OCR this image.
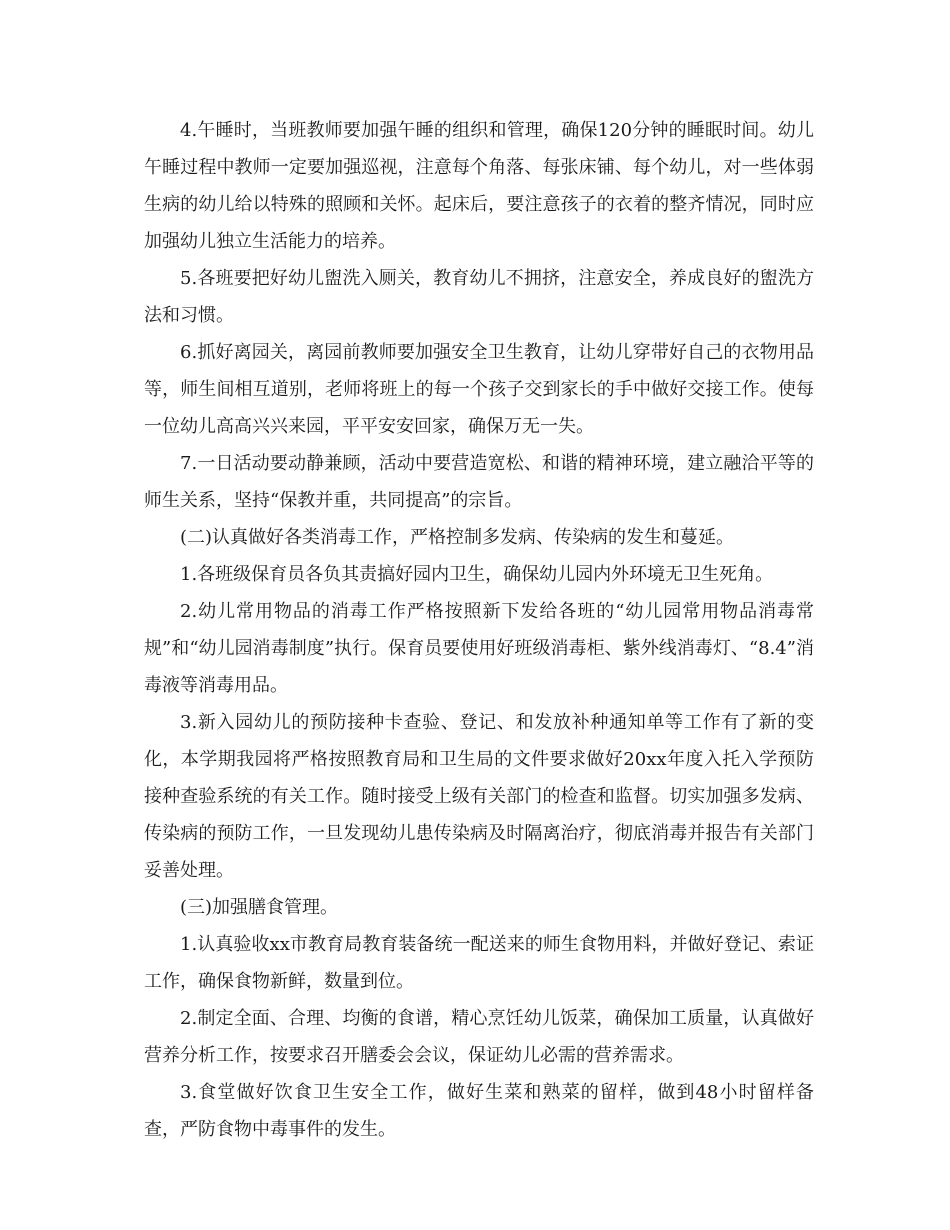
4.午睡时，当班教师要加强午睡的组织和管理，确保120分钟的睡眠时间。幼儿午睡过程中教师一定要加强巡视，注意每个角落、每张床铺、每个幼儿，对一些体弱生病的幼儿给以特殊的照顾和关怀。起床后，要注意孩子的衣着的整齐情况，同时应加强幼儿独立生活能力的培养。

5.各班要把好幼儿盥洗入厕关，教育幼儿不拥挤，注意安全，养成良好的盥洗方法和习惯。

6.抓好离园关，离园前教师要加强安全卫生教育，让幼儿穿带好自己的衣物用品等，师生间相互道别，老师将班上的每一个孩子交到家长的手中做好交接工作。使每一位幼儿高高兴兴来园，平平安安回家，确保万无一失。

7.一日活动要动静兼顾，活动中要营造宽松、和谐的精神环境，建立融洽平等的师生关系，坚持“保教并重，共同提高”的宗旨。

(二)认真做好各类消毒工作，严格控制多发病、传染病的发生和蔓延。

1.各班级保育员各负其责搞好园内卫生，确保幼儿园内外环境无卫生死角。

2.幼儿常用物品的消毒工作严格按照新下发给各班的“幼儿园常用物品消毒常规”和“幼儿园消毒制度”执行。保育员要使用好班级消毒柜、紫外线消毒灯、“8.4”消毒液等消毒用品。

3.新入园幼儿的预防接种卡查验、登记、和发放补种通知单等工作有了新的变化，本学期我园将严格按照教育局和卫生局的文件要求做好20xx年度入托入学预防接种查验系统的有关工作。随时接受上级有关部门的检查和监督。切实加强多发病、传染病的预防工作，一旦发现幼儿患传染病及时隔离治疗，彻底消毒并报告有关部门妥善处理。

(三)加强膳食管理。

1.认真验收xx市教育局教育装备统一配送来的师生食物用料，并做好登记、索证工作，确保食物新鲜，数量到位。

2.制定全面、合理、均衡的食谱，精心烹饪幼儿饭菜，确保加工质量，认真做好营养分析工作，按要求召开膳委会会议，保证幼儿必需的营养需求。

3.食堂做好饮食卫生安全工作，做好生菜和熟菜的留样，做到48小时留样备查，严防食物中毒事件的发生。
